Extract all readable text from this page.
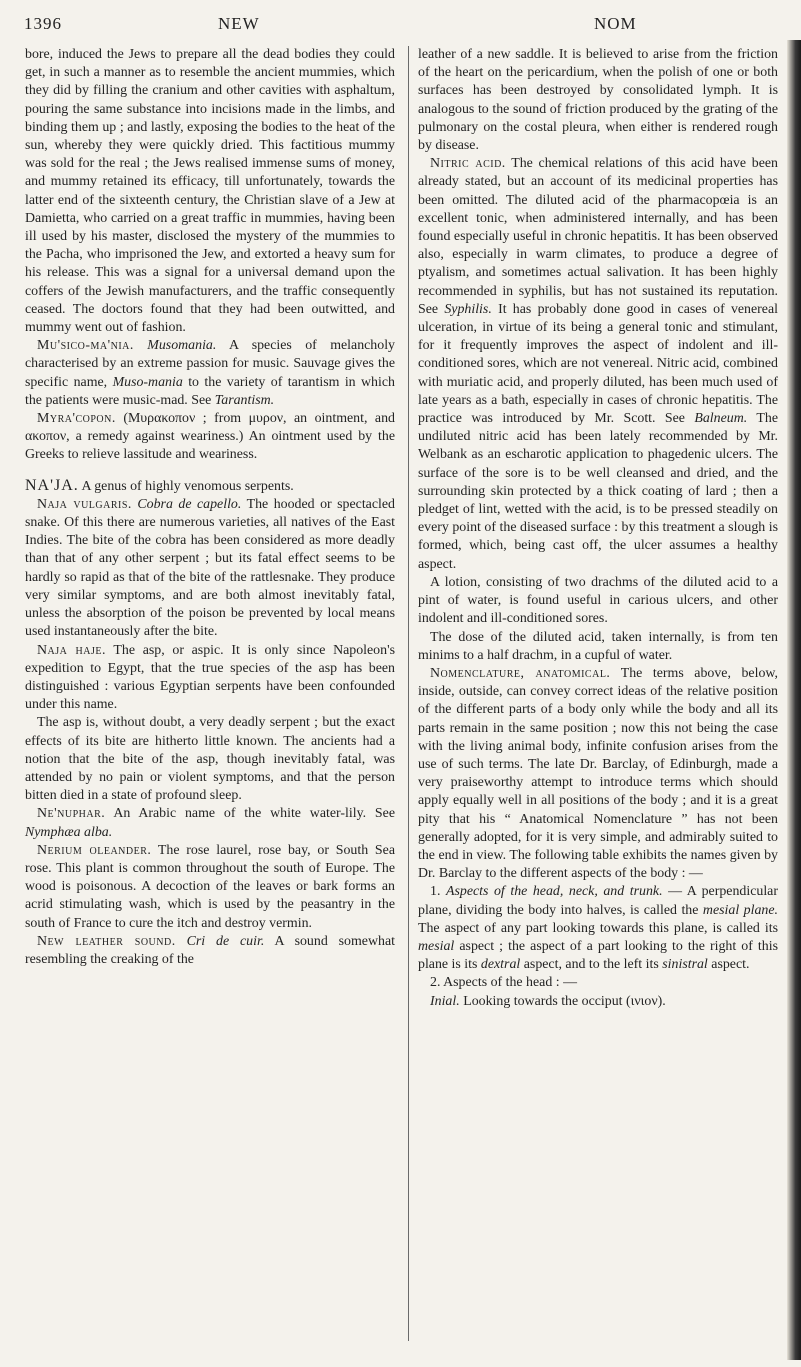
1396	NEW	NOM

bore, induced the Jews to prepare all the dead bodies they could get, in such a manner as to resemble the ancient mummies, which they did by filling the cranium and other cavities with asphaltum, pouring the same substance into incisions made in the limbs, and binding them up ; and lastly, exposing the bodies to the heat of the sun, whereby they were quickly dried. This factitious mummy was sold for the real ; the Jews realised immense sums of money, and mummy retained its efficacy, till unfortunately, towards the latter end of the sixteenth century, the Christian slave of a Jew at Damietta, who carried on a great traffic in mummies, having been ill used by his master, disclosed the mystery of the mummies to the Pacha, who imprisoned the Jew, and extorted a heavy sum for his release. This was a signal for a universal demand upon the coffers of the Jewish manufacturers, and the traffic consequently ceased. The doctors found that they had been outwitted, and mummy went out of fashion.

Mu'sico-ma'nia. Musomania. A species of melancholy characterised by an extreme passion for music. Sauvage gives the specific name, Muso-mania to the variety of tarantism in which the patients were music-mad. See Tarantism.

Myra'copon. (Μυρακοπον ; from μυρον, an ointment, and ακοπον, a remedy against weariness.) An ointment used by the Greeks to relieve lassitude and weariness.

NA'JA. A genus of highly venomous serpents.

Naja vulgaris. Cobra de capello. The hooded or spectacled snake. Of this there are numerous varieties, all natives of the East Indies. The bite of the cobra has been considered as more deadly than that of any other serpent ; but its fatal effect seems to be hardly so rapid as that of the bite of the rattlesnake. They produce very similar symptoms, and are both almost inevitably fatal, unless the absorption of the poison be prevented by local means used instantaneously after the bite.

Naja haje. The asp, or aspic. It is only since Napoleon's expedition to Egypt, that the true species of the asp has been distinguished : various Egyptian serpents have been confounded under this name.

The asp is, without doubt, a very deadly serpent ; but the exact effects of its bite are hitherto little known. The ancients had a notion that the bite of the asp, though inevitably fatal, was attended by no pain or violent symptoms, and that the person bitten died in a state of profound sleep.

Ne'nuphar. An Arabic name of the white water-lily. See Nymphæa alba.

Nerium oleander. The rose laurel, rose bay, or South Sea rose. This plant is common throughout the south of Europe. The wood is poisonous. A decoction of the leaves or bark forms an acrid stimulating wash, which is used by the peasantry in the south of France to cure the itch and destroy vermin.

New leather sound. Cri de cuir. A sound somewhat resembling the creaking of the

leather of a new saddle. It is believed to arise from the friction of the heart on the pericardium, when the polish of one or both surfaces has been destroyed by consolidated lymph. It is analogous to the sound of friction produced by the grating of the pulmonary on the costal pleura, when either is rendered rough by disease.

Nitric acid. The chemical relations of this acid have been already stated, but an account of its medicinal properties has been omitted. The diluted acid of the pharmacopœia is an excellent tonic, when administered internally, and has been found especially useful in chronic hepatitis. It has been observed also, especially in warm climates, to produce a degree of ptyalism, and sometimes actual salivation. It has been highly recommended in syphilis, but has not sustained its reputation. See Syphilis. It has probably done good in cases of venereal ulceration, in virtue of its being a general tonic and stimulant, for it frequently improves the aspect of indolent and ill-conditioned sores, which are not venereal. Nitric acid, combined with muriatic acid, and properly diluted, has been much used of late years as a bath, especially in cases of chronic hepatitis. The practice was introduced by Mr. Scott. See Balneum. The undiluted nitric acid has been lately recommended by Mr. Welbank as an escharotic application to phagedenic ulcers. The surface of the sore is to be well cleansed and dried, and the surrounding skin protected by a thick coating of lard ; then a pledget of lint, wetted with the acid, is to be pressed steadily on every point of the diseased surface : by this treatment a slough is formed, which, being cast off, the ulcer assumes a healthy aspect.

A lotion, consisting of two drachms of the diluted acid to a pint of water, is found useful in carious ulcers, and other indolent and ill-conditioned sores.

The dose of the diluted acid, taken internally, is from ten minims to a half drachm, in a cupful of water.

Nomenclature, anatomical. The terms above, below, inside, outside, can convey correct ideas of the relative position of the different parts of a body only while the body and all its parts remain in the same position ; now this not being the case with the living animal body, infinite confusion arises from the use of such terms. The late Dr. Barclay, of Edinburgh, made a very praiseworthy attempt to introduce terms which should apply equally well in all positions of the body ; and it is a great pity that his “ Anatomical Nomenclature ” has not been generally adopted, for it is very simple, and admirably suited to the end in view. The following table exhibits the names given by Dr. Barclay to the different aspects of the body : —

1. Aspects of the head, neck, and trunk. — A perpendicular plane, dividing the body into halves, is called the mesial plane. The aspect of any part looking towards this plane, is called its mesial aspect ; the aspect of a part looking to the right of this plane is its dextral aspect, and to the left its sinistral aspect.

2. Aspects of the head : —

Inial. Looking towards the occiput (ινιον).
